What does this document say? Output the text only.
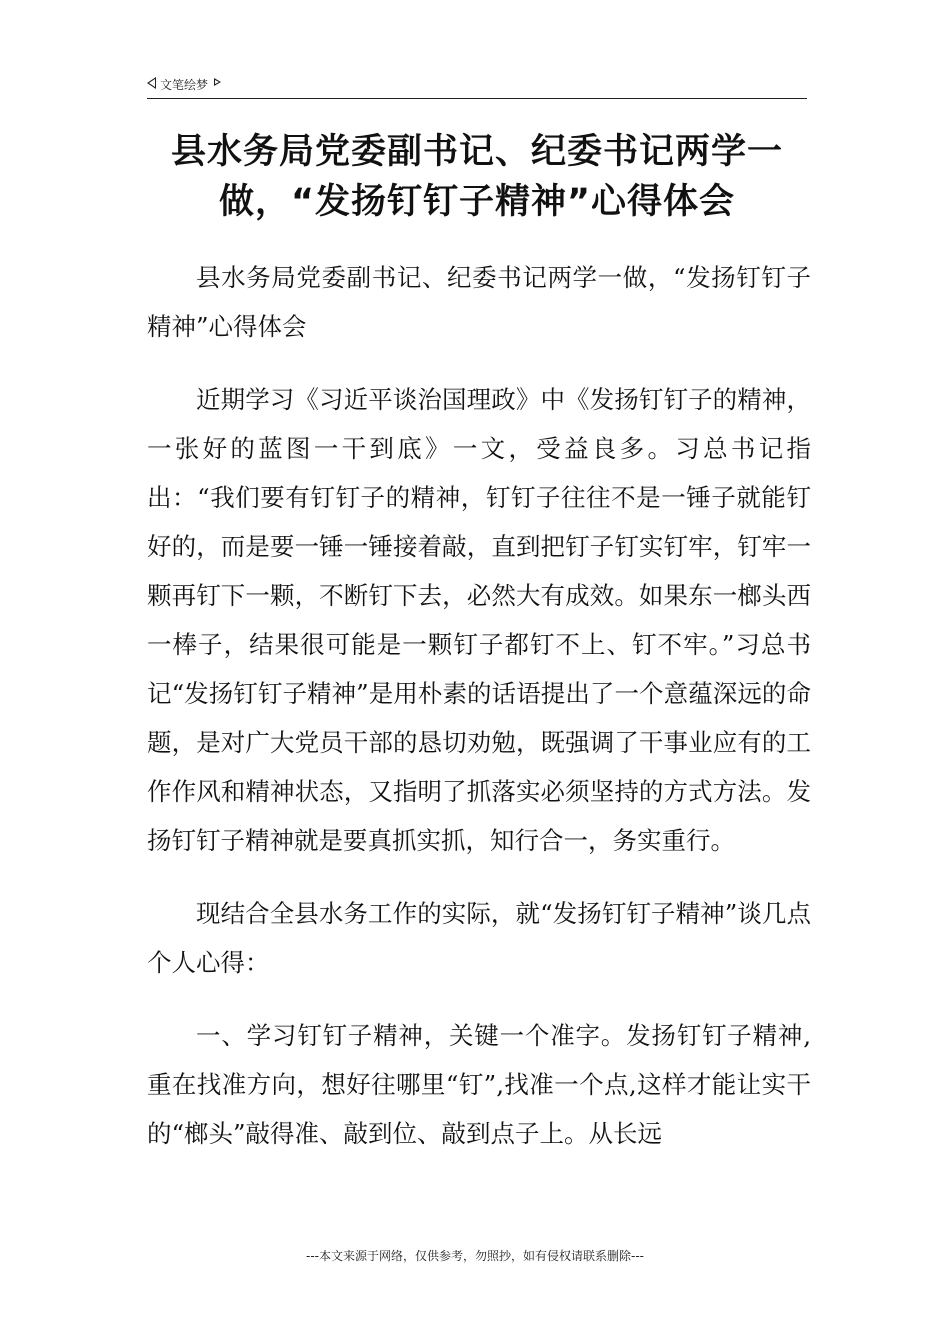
文笔绘梦
县水务局党委副书记、纪委书记两学一做，“发扬钉钉子精神”心得体会

县水务局党委副书记、纪委书记两学一做，“发扬钉钉子精神”心得体会

近期学习《习近平谈治国理政》中《发扬钉钉子的精神，一张好的蓝图一干到底》一文，受益良多。习总书记指出：“我们要有钉钉子的精神，钉钉子往往不是一锤子就能钉好的，而是要一锤一锤接着敲，直到把钉子钉实钉牢，钉牢一颗再钉下一颗，不断钉下去，必然大有成效。如果东一榔头西一棒子，结果很可能是一颗钉子都钉不上、钉不牢。”习总书记“发扬钉钉子精神”是用朴素的话语提出了一个意蕴深远的命题，是对广大党员干部的恳切劝勉，既强调了干事业应有的工作作风和精神状态，又指明了抓落实必须坚持的方式方法。发扬钉钉子精神就是要真抓实抓，知行合一，务实重行。

现结合全县水务工作的实际，就“发扬钉钉子精神”谈几点个人心得：

一、学习钉钉子精神，关键一个准字。发扬钉钉子精神,重在找准方向，想好往哪里“钉”,找准一个点,这样才能让实干的“榔头”敲得准、敲到位、敲到点子上。从长远

---本文来源于网络，仅供参考，勿照抄，如有侵权请联系删除---
